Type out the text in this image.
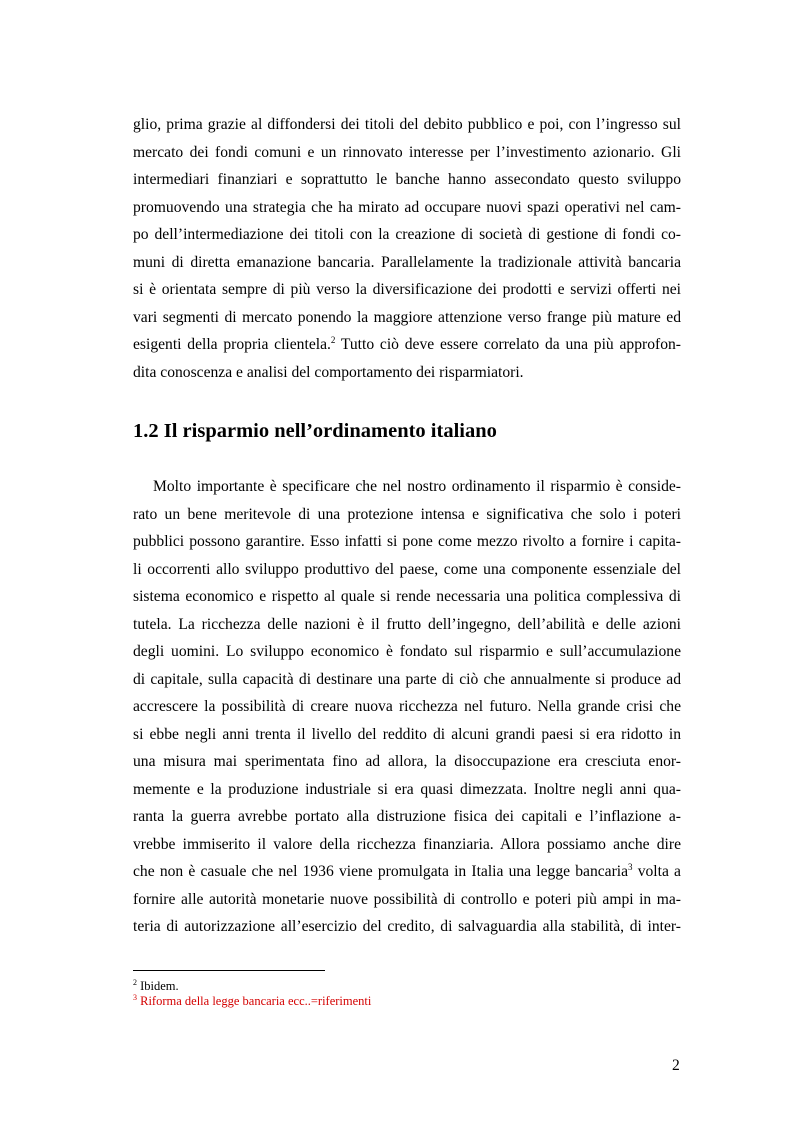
glio, prima grazie al diffondersi dei titoli del debito pubblico e poi, con l’ingresso sul
mercato dei fondi comuni e un rinnovato interesse per l’investimento azionario. Gli
intermediari finanziari e soprattutto le banche hanno assecondato questo sviluppo
promuovendo una strategia che ha mirato ad occupare nuovi spazi operativi nel cam-
po dell’intermediazione dei titoli con la creazione di società di gestione di fondi co-
muni di diretta emanazione bancaria. Parallelamente la tradizionale attività bancaria
si è orientata sempre di più verso la diversificazione dei prodotti e servizi offerti nei
vari segmenti di mercato ponendo la maggiore attenzione verso frange più mature ed
esigenti della propria clientela.$^2$ Tutto ciò deve essere correlato da una più approfon-
dita conoscenza e analisi del comportamento dei risparmiatori.
1.2 Il risparmio nell’ordinamento italiano
Molto importante è specificare che nel nostro ordinamento il risparmio è conside-
rato un bene meritevole di una protezione intensa e significativa che solo i poteri
pubblici possono garantire. Esso infatti si pone come mezzo rivolto a fornire i capita-
li occorrenti allo sviluppo produttivo del paese, come una componente essenziale del
sistema economico e rispetto al quale si rende necessaria una politica complessiva di
tutela. La ricchezza delle nazioni è il frutto dell’ingegno, dell’abilità e delle azioni
degli uomini. Lo sviluppo economico è fondato sul risparmio e sull’accumulazione
di capitale, sulla capacità di destinare una parte di ciò che annualmente si produce ad
accrescere la possibilità di creare nuova ricchezza nel futuro. Nella grande crisi che
si ebbe negli anni trenta il livello del reddito di alcuni grandi paesi si era ridotto in
una misura mai sperimentata fino ad allora, la disoccupazione era cresciuta enor-
memente e la produzione industriale si era quasi dimezzata. Inoltre negli anni qua-
ranta la guerra avrebbe portato alla distruzione fisica dei capitali e l’inflazione a-
vrebbe immiserito il valore della ricchezza finanziaria. Allora possiamo anche dire
che non è casuale che nel 1936 viene promulgata in Italia una legge bancaria$^3$ volta a
fornire alle autorità monetarie nuove possibilità di controllo e poteri più ampi in ma-
teria di autorizzazione all’esercizio del credito, di salvaguardia alla stabilità, di inter-
$^2$ Ibidem.
$^3$ Riforma della legge bancaria ecc..=riferimenti
2
